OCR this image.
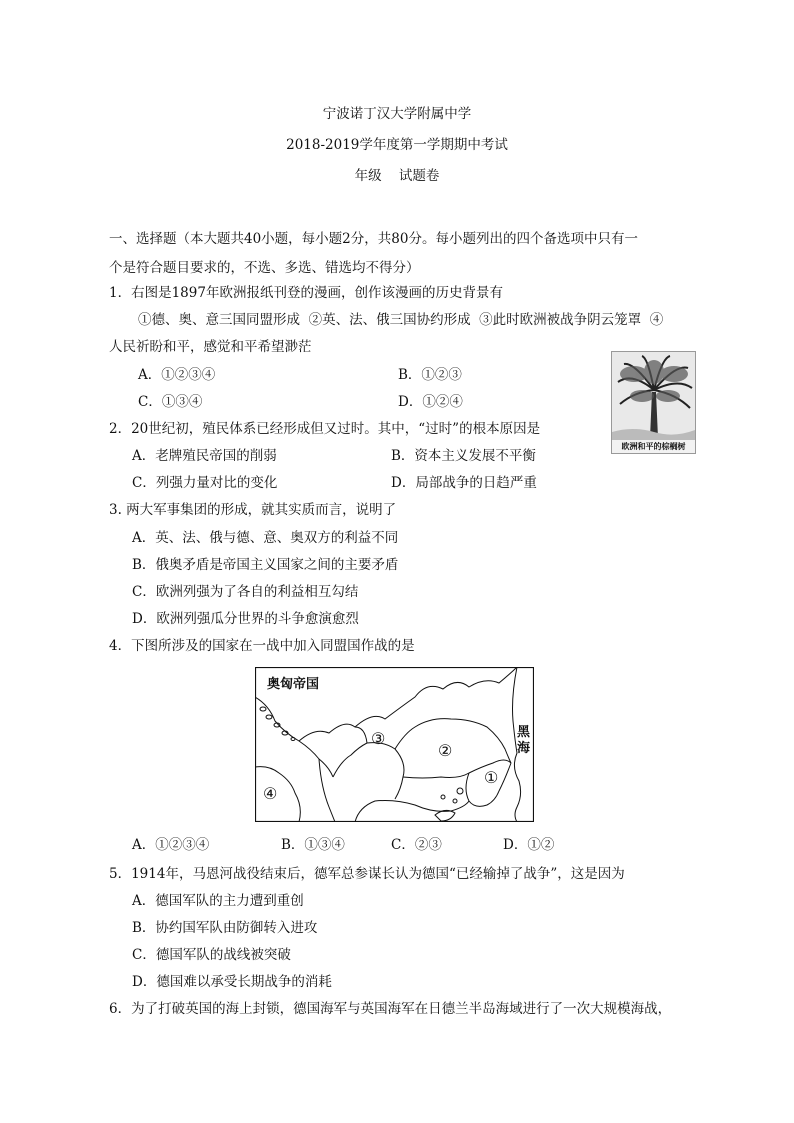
宁波诺丁汉大学附属中学
2018-2019学年度第一学期期中考试
年级    试题卷
一、选择题（本大题共40小题，每小题2分，共80分。每小题列出的四个备选项中只有一
个是符合题目要求的，不选、多选、错选均不得分）
1．右图是1897年欧洲报纸刊登的漫画，创作该漫画的历史背景有
①德、奥、意三国同盟形成  ②英、法、俄三国协约形成  ③此时欧洲被战争阴云笼罩  ④
人民祈盼和平，感觉和平希望渺茫
A．①②③④	B．①②③
C．①③④	D．①②④
欧洲和平的棕榈树
2．20世纪初，殖民体系已经形成但又过时。其中，“过时”的根本原因是
A．老牌殖民帝国的削弱	B．资本主义发展不平衡
C．列强力量对比的变化	D．局部战争的日趋严重
3. 两大军事集团的形成，就其实质而言，说明了
A．英、法、俄与德、意、奥双方的利益不同
B．俄奥矛盾是帝国主义国家之间的主要矛盾
C．欧洲列强为了各自的利益相互勾结
D．欧洲列强瓜分世界的斗争愈演愈烈
4．下图所涉及的国家在一战中加入同盟国作战的是
奥匈帝国
黑
海
①
②
③
④
A．①②③④	B．①③④	C．②③	D．①②
5．1914年，马恩河战役结束后，德军总参谋长认为德国“已经输掉了战争”，这是因为
A．德国军队的主力遭到重创
B．协约国军队由防御转入进攻
C．德国军队的战线被突破
D．德国难以承受长期战争的消耗
6．为了打破英国的海上封锁，德国海军与英国海军在日德兰半岛海域进行了一次大规模海战，
